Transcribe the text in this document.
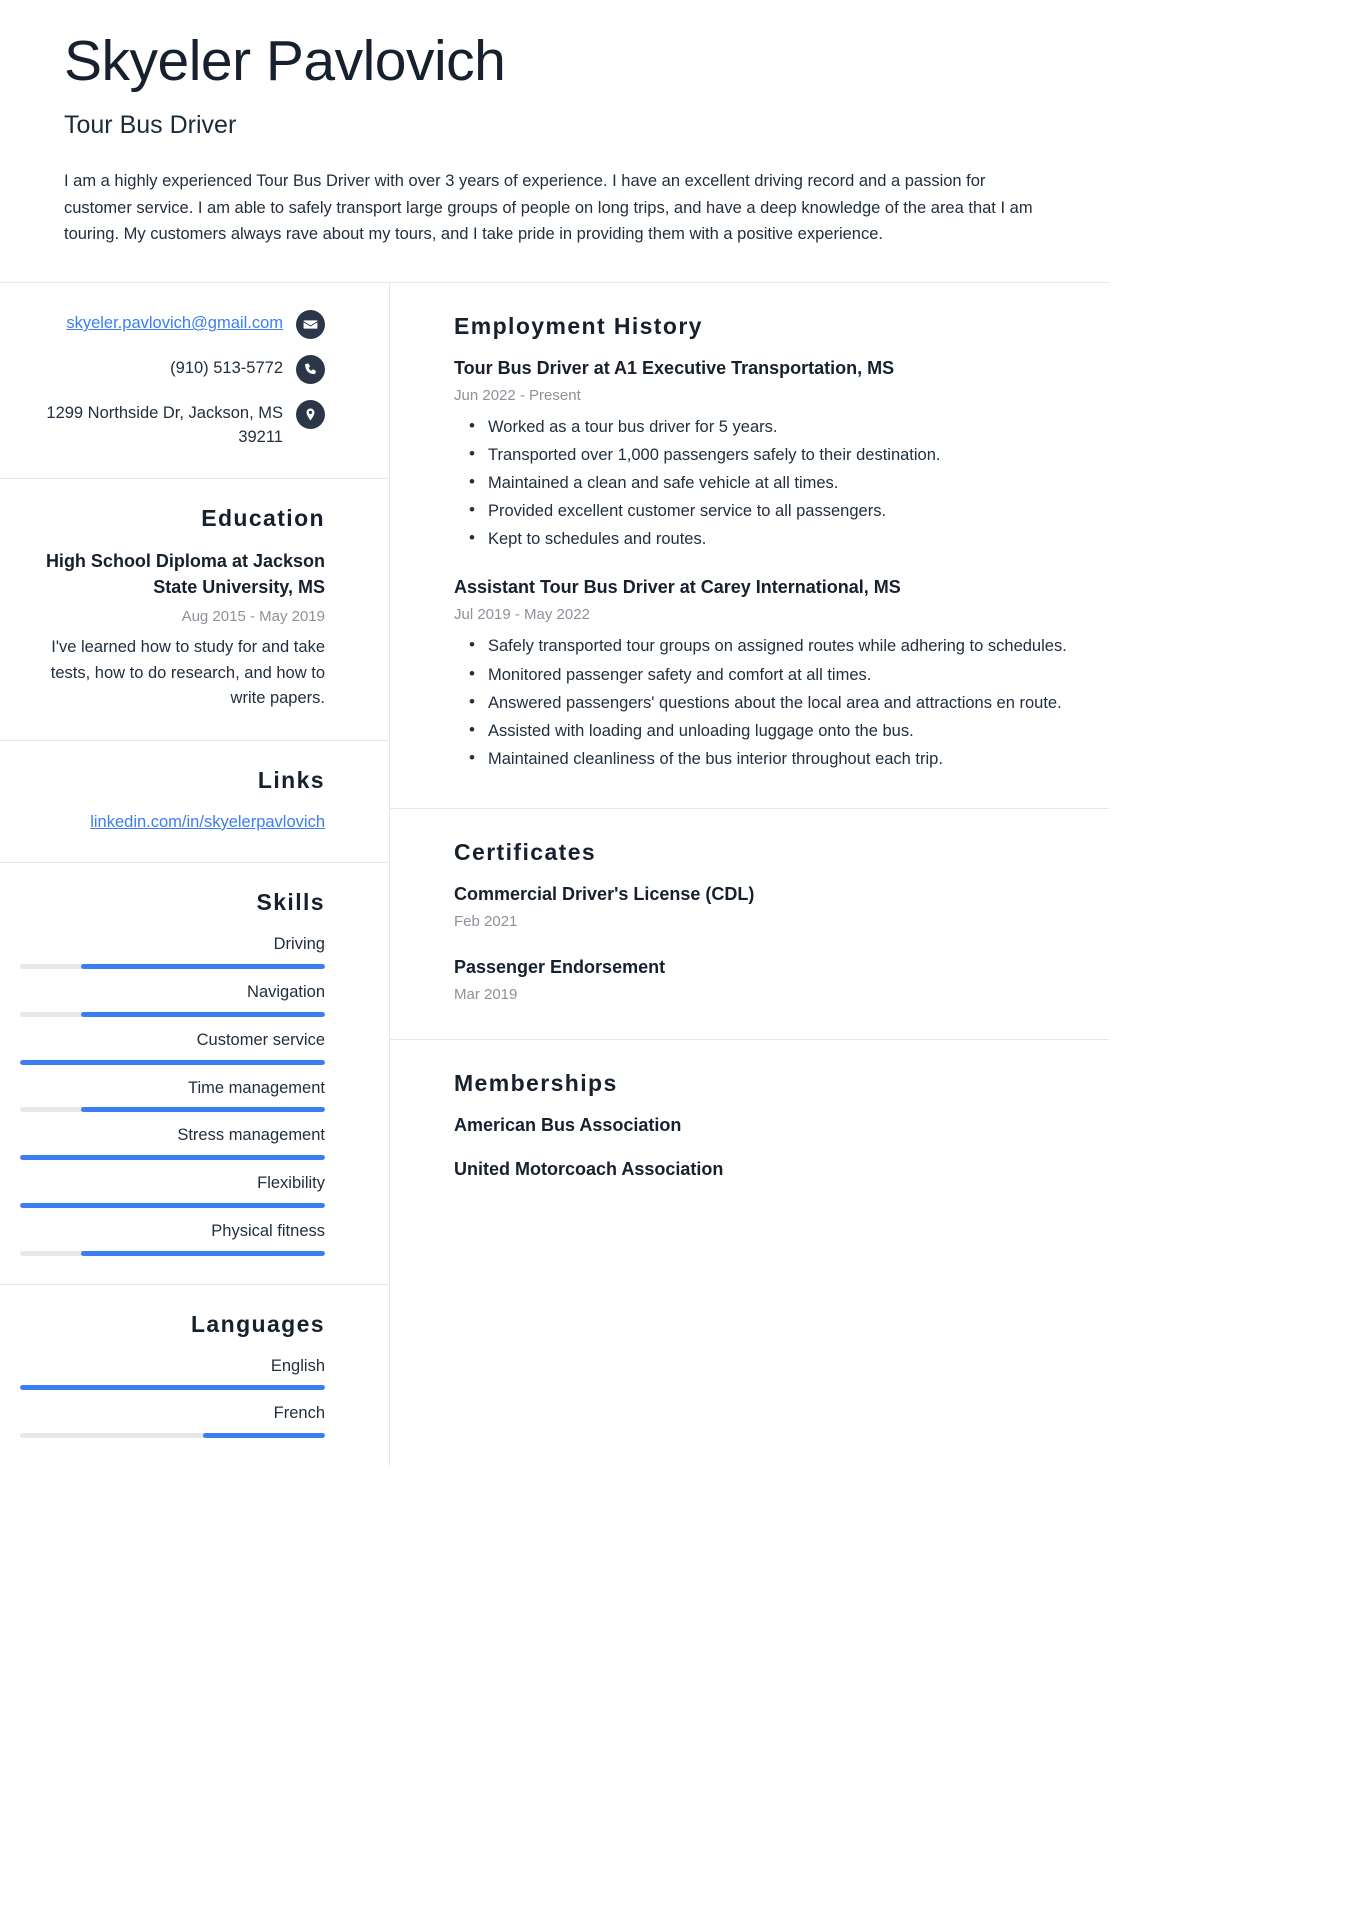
Skyeler Pavlovich
Tour Bus Driver

I am a highly experienced Tour Bus Driver with over 3 years of experience. I have an excellent driving record and a passion for customer service. I am able to safely transport large groups of people on long trips, and have a deep knowledge of the area that I am touring. My customers always rave about my tours, and I take pride in providing them with a positive experience.

skyeler.pavlovich@gmail.com
(910) 513-5772
1299 Northside Dr, Jackson, MS 39211
Education
High School Diploma at Jackson State University, MS
Aug 2015 - May 2019
I've learned how to study for and take tests, how to do research, and how to write papers.
Links
linkedin.com/in/skyelerpavlovich
Skills
Driving
Navigation
Customer service
Time management
Stress management
Flexibility
Physical fitness
Languages
English
French
Employment History
Tour Bus Driver at A1 Executive Transportation, MS
Jun 2022 - Present
• Worked as a tour bus driver for 5 years.
• Transported over 1,000 passengers safely to their destination.
• Maintained a clean and safe vehicle at all times.
• Provided excellent customer service to all passengers.
• Kept to schedules and routes.
Assistant Tour Bus Driver at Carey International, MS
Jul 2019 - May 2022
• Safely transported tour groups on assigned routes while adhering to schedules.
• Monitored passenger safety and comfort at all times.
• Answered passengers' questions about the local area and attractions en route.
• Assisted with loading and unloading luggage onto the bus.
• Maintained cleanliness of the bus interior throughout each trip.
Certificates
Commercial Driver's License (CDL)
Feb 2021
Passenger Endorsement
Mar 2019
Memberships
American Bus Association
United Motorcoach Association
